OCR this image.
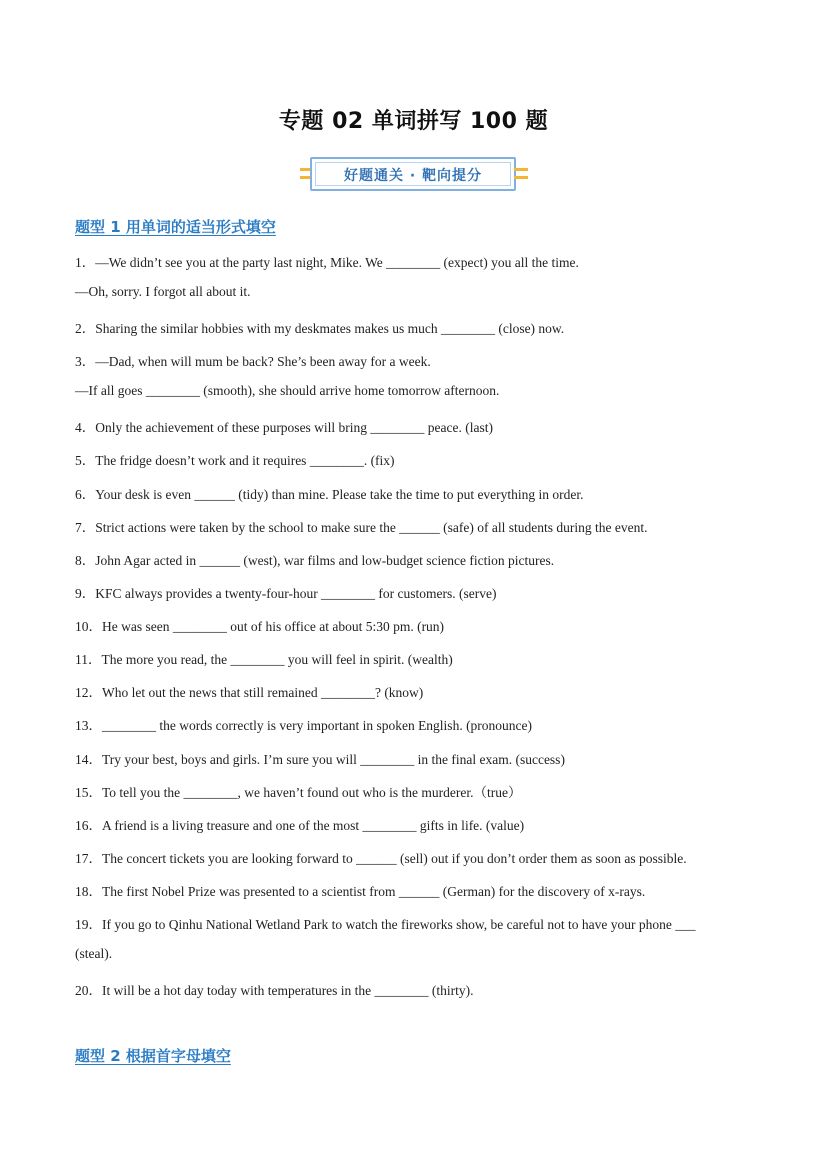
专题 02 单词拼写 100 题
好题通关 · 靶向提分
题型 1 用单词的适当形式填空
1．—We didn’t see you at the party last night, Mike. We ________ (expect) you all the time.
—Oh, sorry. I forgot all about it.
2．Sharing the similar hobbies with my deskmates makes us much ________ (close) now.
3．—Dad, when will mum be back? She’s been away for a week.
—If all goes ________ (smooth), she should arrive home tomorrow afternoon.
4．Only the achievement of these purposes will bring ________ peace. (last)
5．The fridge doesn’t work and it requires ________. (fix)
6．Your desk is even ______ (tidy) than mine. Please take the time to put everything in order.
7．Strict actions were taken by the school to make sure the ______ (safe) of all students during the event.
8．John Agar acted in ______ (west), war films and low-budget science fiction pictures.
9．KFC always provides a twenty-four-hour ________ for customers. (serve)
10．He was seen ________ out of his office at about 5:30 pm. (run)
11．The more you read, the ________ you will feel in spirit. (wealth)
12．Who let out the news that still remained ________? (know)
13．________ the words correctly is very important in spoken English. (pronounce)
14．Try your best, boys and girls. I’m sure you will ________ in the final exam. (success)
15．To tell you the ________, we haven’t found out who is the murderer.（true）
16．A friend is a living treasure and one of the most ________ gifts in life. (value)
17．The concert tickets you are looking forward to ______ (sell) out if you don’t order them as soon as possible.
18．The first Nobel Prize was presented to a scientist from ______ (German) for the discovery of x-rays.
19．If you go to Qinhu National Wetland Park to watch the fireworks show, be careful not to have your phone ___
(steal).
20．It will be a hot day today with temperatures in the ________ (thirty).
题型 2 根据首字母填空
